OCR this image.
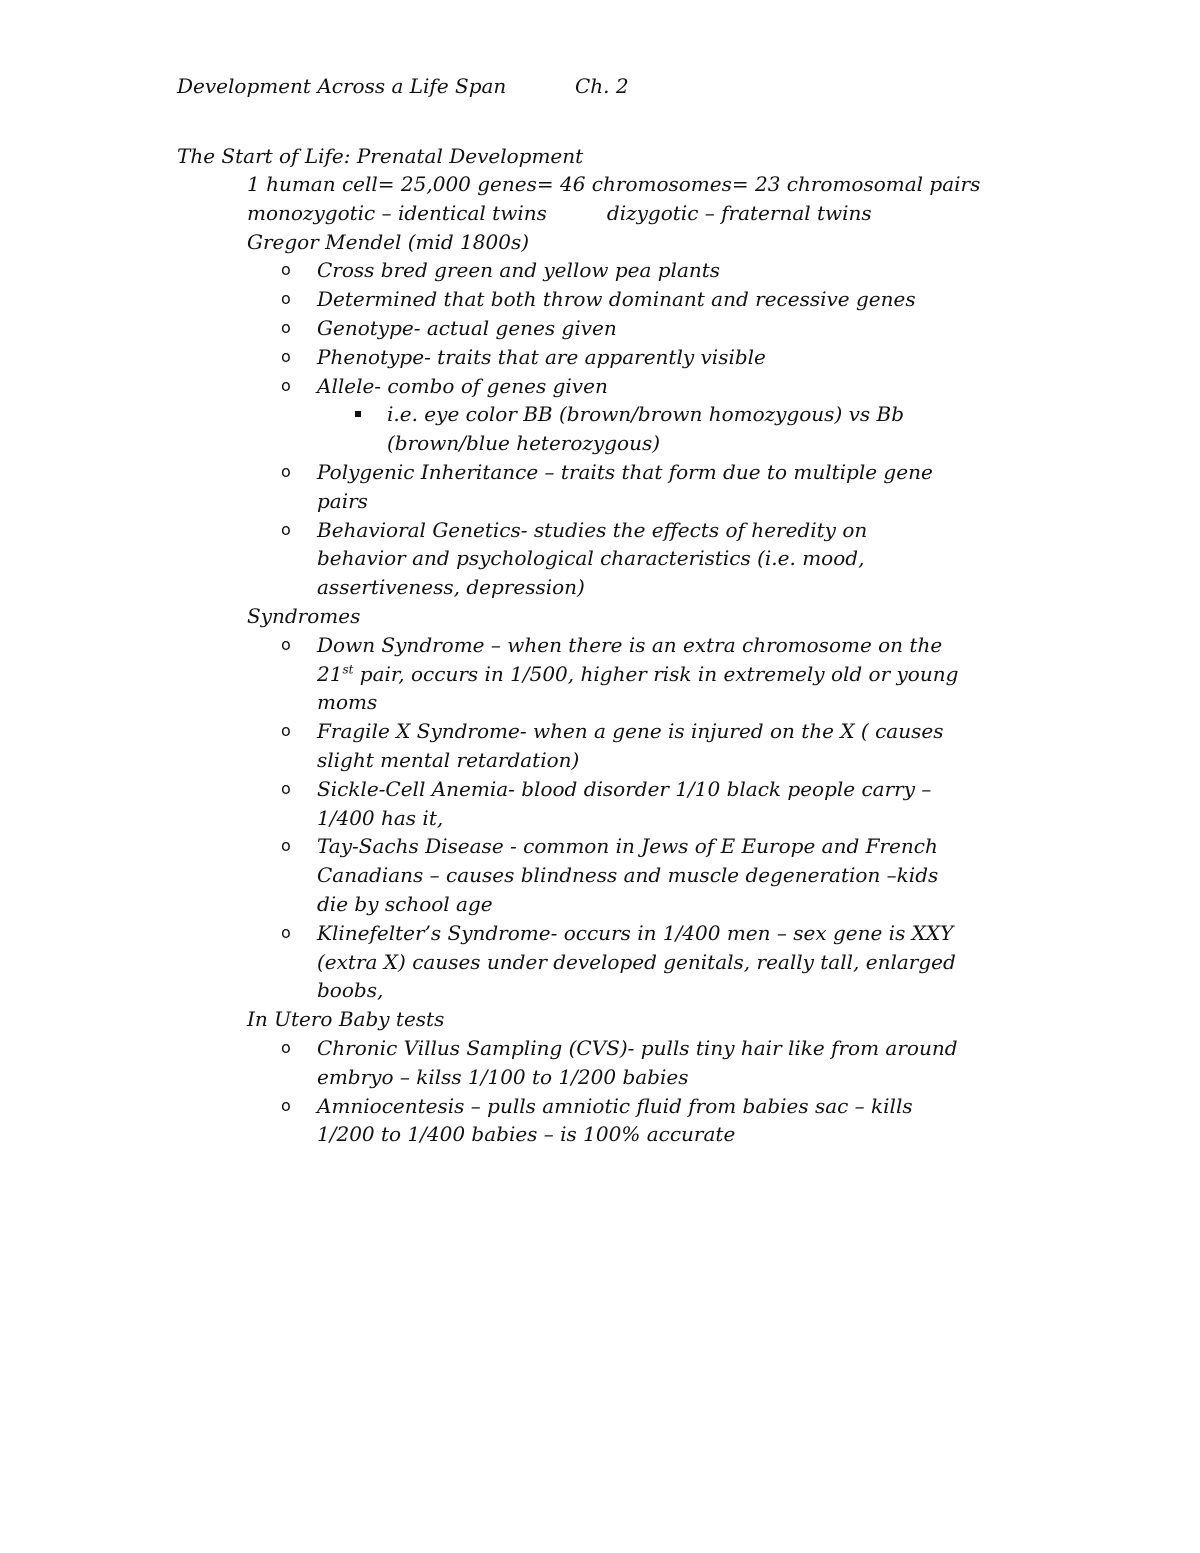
Development Across a Life Span	Ch. 2
The Start of Life: Prenatal Development
1 human cell= 25,000 genes= 46 chromosomes= 23 chromosomal pairs
monozygotic – identical twins	dizygotic – fraternal twins
Gregor Mendel (mid 1800s)
o Cross bred green and yellow pea plants
o Determined that both throw dominant and recessive genes
o Genotype- actual genes given
o Phenotype- traits that are apparently visible
o Allele- combo of genes given
i.e. eye color BB (brown/brown homozygous) vs Bb (brown/blue heterozygous)
o Polygenic Inheritance – traits that form due to multiple gene pairs
o Behavioral Genetics- studies the effects of heredity on behavior and psychological characteristics (i.e. mood, assertiveness, depression)
Syndromes
o Down Syndrome – when there is an extra chromosome on the 21st pair, occurs in 1/500, higher risk in extremely old or young moms
o Fragile X Syndrome- when a gene is injured on the X ( causes slight mental retardation)
o Sickle-Cell Anemia- blood disorder 1/10 black people carry – 1/400 has it,
o Tay-Sachs Disease - common in Jews of E Europe and French Canadians – causes blindness and muscle degeneration –kids die by school age
o Klinefelter’s Syndrome- occurs in 1/400 men – sex gene is XXY (extra X) causes under developed genitals, really tall, enlarged boobs,
In Utero Baby tests
o Chronic Villus Sampling (CVS)- pulls tiny hair like from around embryo – kilss 1/100 to 1/200 babies
o Amniocentesis – pulls amniotic fluid from babies sac – kills 1/200 to 1/400 babies – is 100% accurate
